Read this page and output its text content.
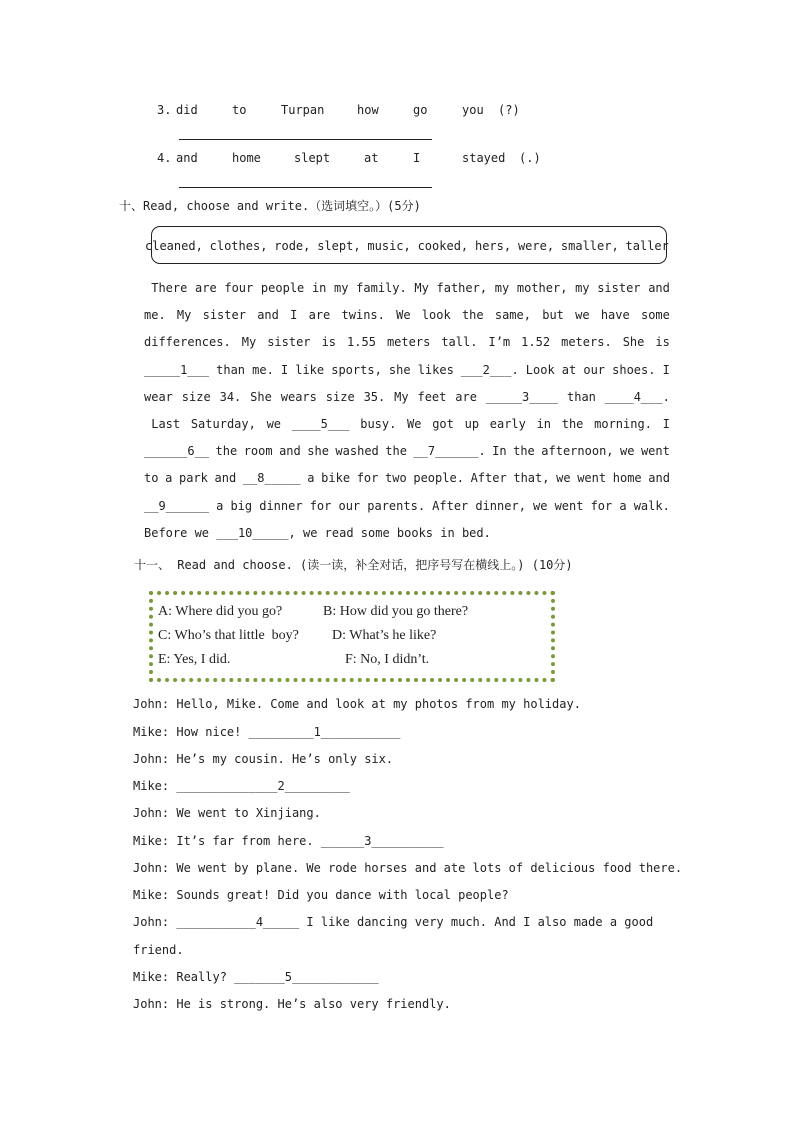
3. did	to	Turpan	how	go	you (?)
4. and	home	slept	at	I	stayed (.)
十、Read, choose and write.（选词填空。）(5分)
cleaned, clothes, rode, slept, music, cooked, hers, were, smaller, taller
There are four people in my family. My father, my mother, my sister and
me. My sister and I are twins. We look the same, but we have some
differences. My sister is 1.55 meters tall. I’m 1.52 meters. She is
_____1___ than me. I like sports, she likes ___2___. Look at our shoes. I
wear size 34. She wears size 35. My feet are _____3____ than ____4___.
Last Saturday, we ____5___ busy. We got up early in the morning. I
______6__ the room and she washed the __7______. In the afternoon, we went
to a park and __8_____ a bike for two people. After that, we went home and
__9______ a big dinner for our parents. After dinner, we went for a walk.
Before we ___10_____, we read some books in bed.
十一、 Read and choose. (读一读，补全对话，把序号写在横线上。) (10分)
A: Where did you go?	B: How did you go there?
C: Who’s that little  boy? D: What’s he like?
E: Yes, I did.	F: No, I didn’t.
John: Hello, Mike. Come and look at my photos from my holiday.
Mike: How nice! _________1___________
John: He’s my cousin. He’s only six.
Mike: ______________2_________
John: We went to Xinjiang.
Mike: It’s far from here. ______3__________
John: We went by plane. We rode horses and ate lots of delicious food there.
Mike: Sounds great! Did you dance with local people?
John: ___________4_____ I like dancing very much. And I also made a good
friend.
Mike: Really? _______5____________
John: He is strong. He’s also very friendly.
